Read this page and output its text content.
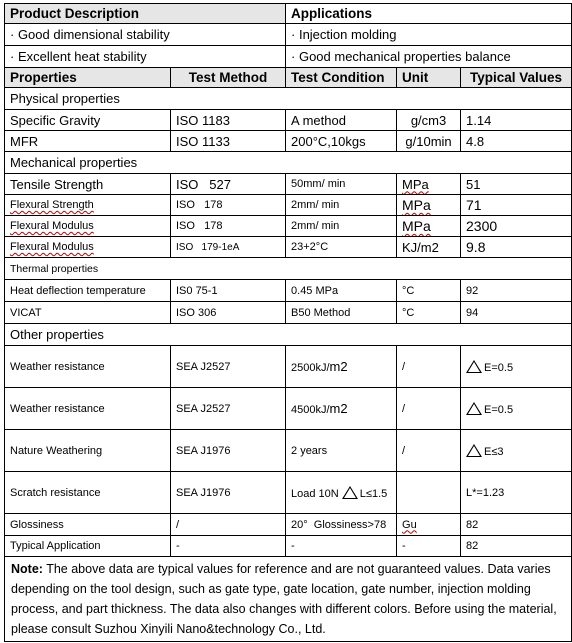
Product Description		Applications		
· Good dimensional stability		· Injection molding		
· Excellent heat stability		· Good mechanical properties balance		
Properties	Test Method	Test Condition	Unit	Typical Values
Physical properties				
Specific Gravity	ISO 1183	A method	g/cm3	1.14
MFR	ISO 1133	200°C,10kgs	g/10min	4.8
Mechanical properties				
Tensile Strength	ISO   527	50mm/ min	MPa	51
Flexural Strength	ISO   178	2mm/ min	MPa	71
Flexural Modulus	ISO   178	2mm/ min	MPa	2300
Flexural Modulus	ISO   179-1eA	23+2°C	KJ/m2	9.8
Thermal properties				
Heat deflection temperature	IS0 75-1	0.45 MPa	°C	92
VICAT	ISO 306	B50 Method	°C	94
Other properties				
Weather resistance	SEA J2527	2500kJ/m2	/	E=0.5
Weather resistance	SEA J2527	4500kJ/m2	/	E=0.5
Nature Weathering	SEA J1976	2 years	/	E≤3
Scratch resistance	SEA J1976	Load 10N L≤1.5		L*=1.23
Glossiness	/	20°  Glossiness>78	Gu	82
Typical Application	-	-	-	82
Note: The above data are typical values for reference and are not guaranteed values. Data varies depending on the tool design, such as gate type, gate location, gate number, injection molding process, and part thickness. The data also changes with different colors. Before using the material, please consult Suzhou Xinyili Nano&technology Co., Ltd.				
